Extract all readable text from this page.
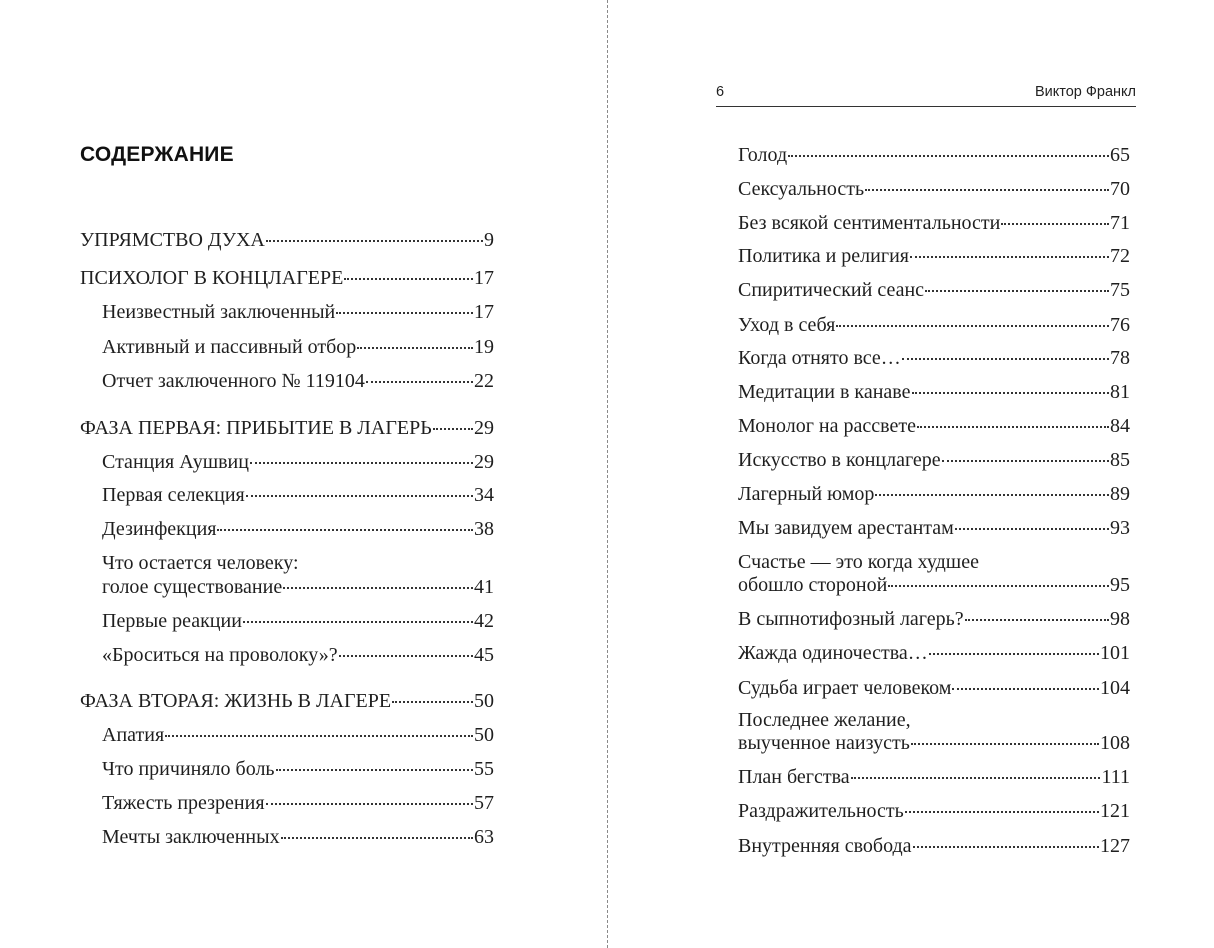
СОДЕРЖАНИЕ
УПРЯМСТВО ДУХА	9
ПСИХОЛОГ В КОНЦЛАГЕРЕ	17
Неизвестный заключенный	17
Активный и пассивный отбор	19
Отчет заключенного № 119104	22
ФАЗА ПЕРВАЯ: ПРИБЫТИЕ В ЛАГЕРЬ 29
Станция Аушвиц	29
Первая селекция	34
Дезинфекция	38
Что остается человеку:
голое существование	41
Первые реакции	42
«Броситься на проволоку»?	45
ФАЗА ВТОРАЯ: ЖИЗНЬ В ЛАГЕРЕ	50
Апатия	50
Что причиняло боль	55
Тяжесть презрения	57
Мечты заключенных	63
6	Виктор Франкл
Голод	65
Сексуальность	70
Без всякой сентиментальности	71
Политика и религия	72
Спиритический сеанс	75
Уход в себя	76
Когда отнято все…	78
Медитации в канаве	81
Монолог на рассвете	84
Искусство в концлагере	85
Лагерный юмор	89
Мы завидуем арестантам	93
Счастье — это когда худшее
обошло стороной	95
В сыпнотифозный лагерь?	98
Жажда одиночества…	101
Судьба играет человеком	104
Последнее желание,
выученное наизусть	108
План бегства	111
Раздражительность	121
Внутренняя свобода	127
